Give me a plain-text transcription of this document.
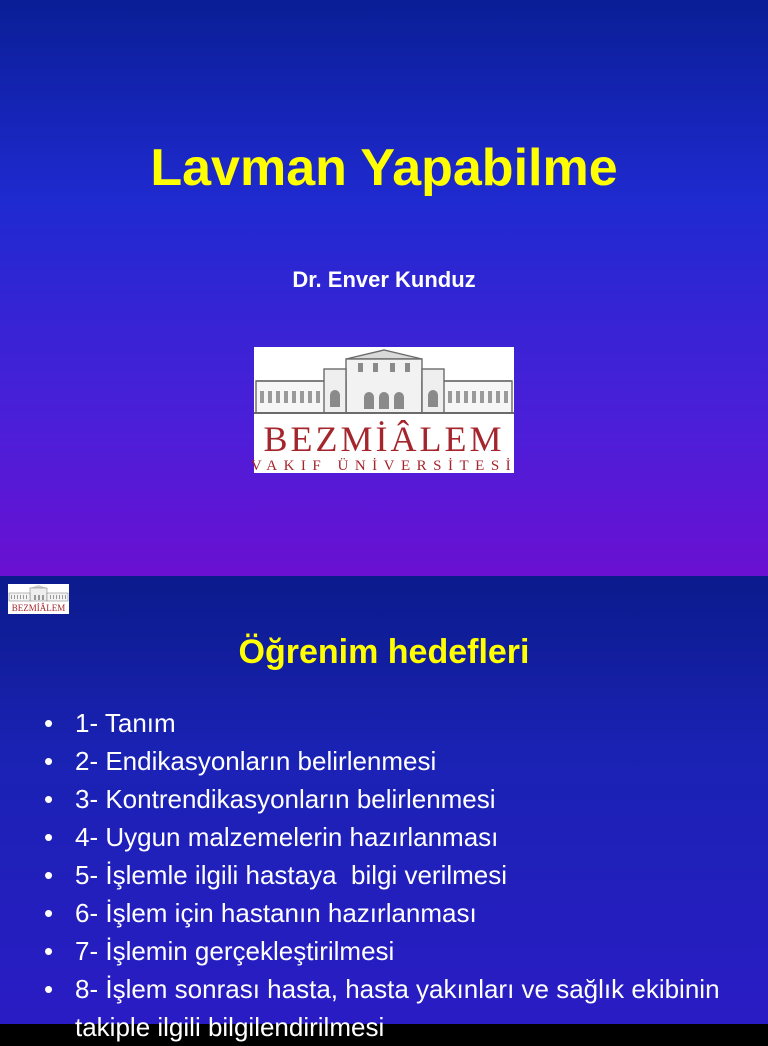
Lavman Yapabilme
Dr. Enver Kunduz
BEZMİÂLEM
VAKIF ÜNİVERSİTESİ
BEZMİÂLEM
Öğrenim hedefleri
• 1- Tanım
• 2- Endikasyonların belirlenmesi
• 3- Kontrendikasyonların belirlenmesi
• 4- Uygun malzemelerin hazırlanması
• 5- İşlemle ilgili hastaya  bilgi verilmesi
• 6- İşlem için hastanın hazırlanması
• 7- İşlemin gerçekleştirilmesi
• 8- İşlem sonrası hasta, hasta yakınları ve sağlık ekibinin takiple ilgili bilgilendirilmesi
